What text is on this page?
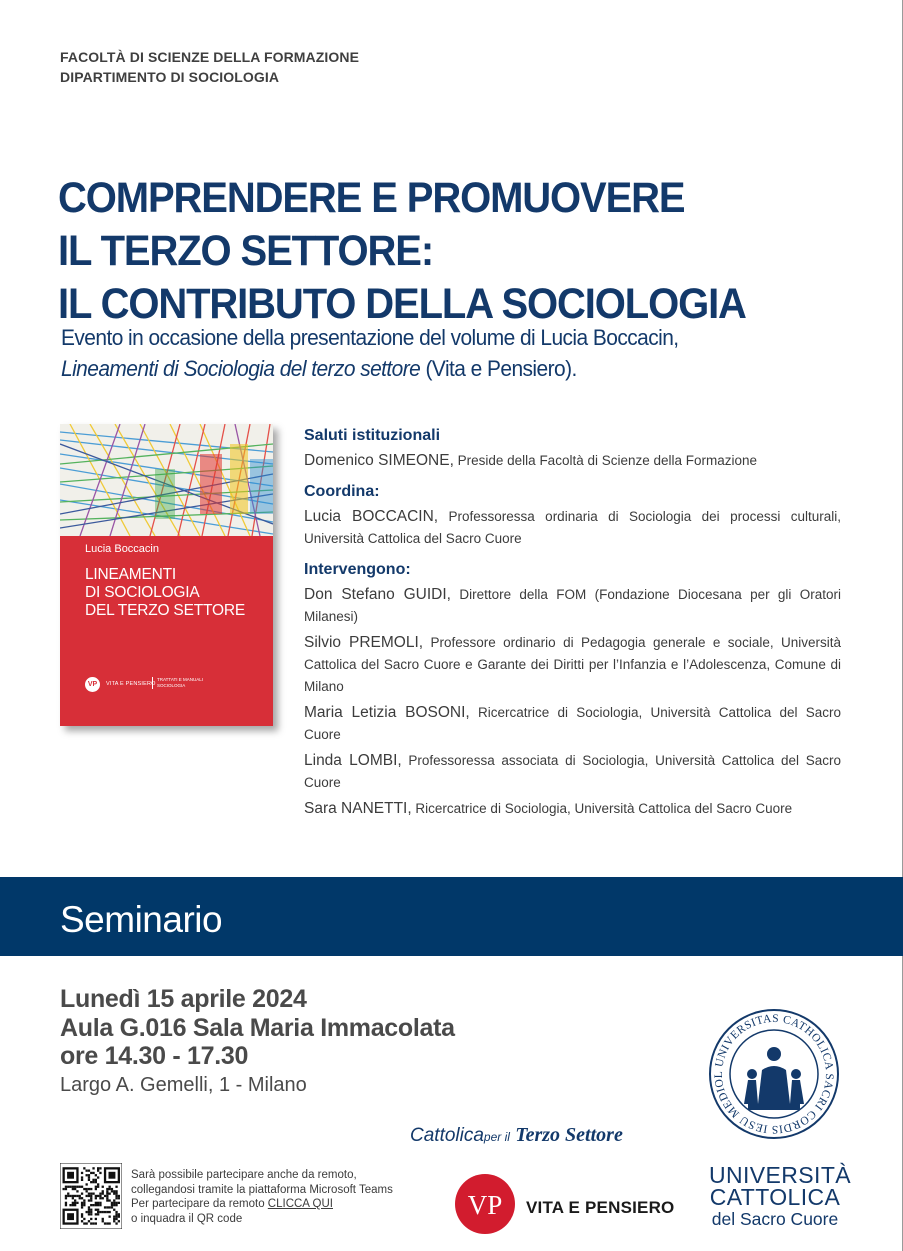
FACOLTÀ DI SCIENZE DELLA FORMAZIONE
DIPARTIMENTO DI SOCIOLOGIA
COMPRENDERE E PROMUOVERE
IL TERZO SETTORE:
IL CONTRIBUTO DELLA SOCIOLOGIA
Evento in occasione della presentazione del volume di Lucia Boccacin,
Lineamenti di Sociologia del terzo settore (Vita e Pensiero).
Lucia Boccacin
LINEAMENTI
DI SOCIOLOGIA
DEL TERZO SETTORE
VP	VITA E PENSIERO
TRATTATI E MANUALI
SOCIOLOGIA
Saluti istituzionali
Domenico SIMEONE, Preside della Facoltà di Scienze della Formazione
Coordina:
Lucia BOCCACIN, Professoressa ordinaria di Sociologia dei processi culturali, Università Cattolica del Sacro Cuore
Intervengono:
Don Stefano GUIDI, Direttore della FOM (Fondazione Diocesana per gli Oratori Milanesi)
Silvio PREMOLI, Professore ordinario di Pedagogia generale e sociale, Università Cattolica del Sacro Cuore e Garante dei Diritti per l’Infanzia e l’Adolescenza, Comune di Milano
Maria Letizia BOSONI, Ricercatrice di Sociologia, Università Cattolica del Sacro Cuore
Linda LOMBI, Professoressa associata di Sociologia, Università Cattolica del Sacro Cuore
Sara NANETTI, Ricercatrice di Sociologia, Università Cattolica del Sacro Cuore
Seminario
Lunedì 15 aprile 2024
Aula G.016 Sala Maria Immacolata
ore 14.30 - 17.30
Largo A. Gemelli, 1 - Milano
Cattolicaper il Terzo Settore
Sarà possibile partecipare anche da remoto,
collegandosi tramite la piattaforma Microsoft Teams
Per partecipare da remoto CLICCA QUI
o inquadra il QR code	VP VITA E PENSIERO
UNIVERSITAS CATHOLICA SACRI CORDIS IESU MEDIOL
UNIVERSITÀ
CATTOLICA
del Sacro Cuore
